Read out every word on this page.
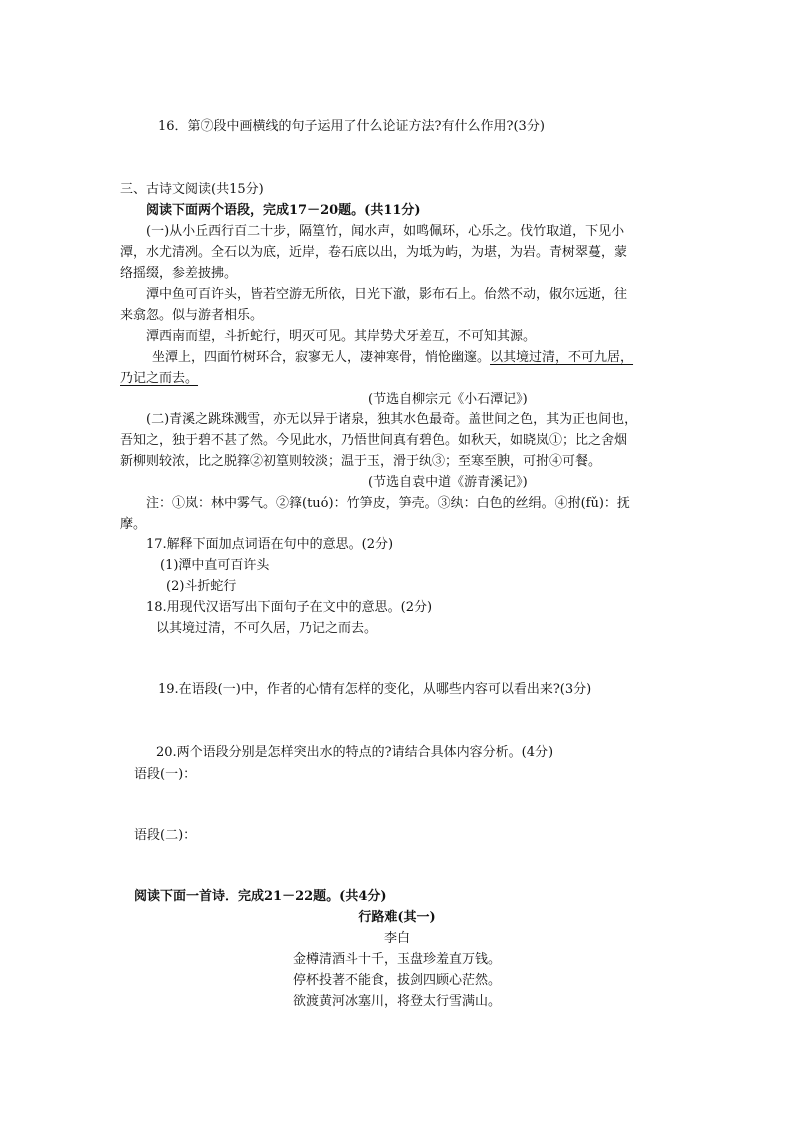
16．第⑦段中画横线的句子运用了什么论证方法?有什么作用?(3分)
三、古诗文阅读(共15分)
阅读下面两个语段，完成17－20题。(共11分)
(一)从小丘西行百二十步，隔篁竹，闻水声，如鸣佩环，心乐之。伐竹取道，下见小
潭，水尤清冽。全石以为底，近岸，卷石底以出，为坻为屿，为堪，为岩。青树翠蔓，蒙
络摇缀，参差披拂。
潭中鱼可百许头，皆若空游无所依，日光下澈，影布石上。佁然不动，俶尔远逝，往
来翕忽。似与游者相乐。
潭西南而望，斗折蛇行，明灭可见。其岸势犬牙差互，不可知其源。
坐潭上，四面竹树环合，寂寥无人，凄神寒骨，悄怆幽邃。以其境过清，不可九居，
乃记之而去。
(节选自柳宗元《小石潭记》)
(二)青溪之跳珠溅雪，亦无以异于诸泉，独其水色最奇。盖世间之色，其为正也间也，
吾知之，独于碧不甚了然。今见此水，乃悟世间真有碧色。如秋天，如晓岚①；比之舍烟
新柳则较浓，比之脱箨②初篁则较淡；温于玉，滑于纨③；至寒至腴，可拊④可餐。
(节选自袁中道《游青溪记》)
注：①岚：林中雾气。②箨(tuó)：竹笋皮，笋壳。③纨：白色的丝绢。④拊(fǔ)：抚
摩。
17.解释下面加点词语在句中的意思。(2分)
(1)潭中直可百许头
(2)斗折蛇行
18.用现代汉语写出下面句子在文中的意思。(2分)
以其境过清，不可久居，乃记之而去。
19.在语段(一)中，作者的心情有怎样的变化，从哪些内容可以看出来?(3分)
20.两个语段分别是怎样突出水的特点的?请结合具体内容分析。(4分)
语段(一)：
语段(二)：
阅读下面一首诗．完成21－22题。(共4分)
行路难(其一)
李白
金樽清酒斗十千，玉盘珍羞直万钱。
停杯投著不能食，拔剑四顾心茫然。
欲渡黄河冰塞川，将登太行雪满山。
